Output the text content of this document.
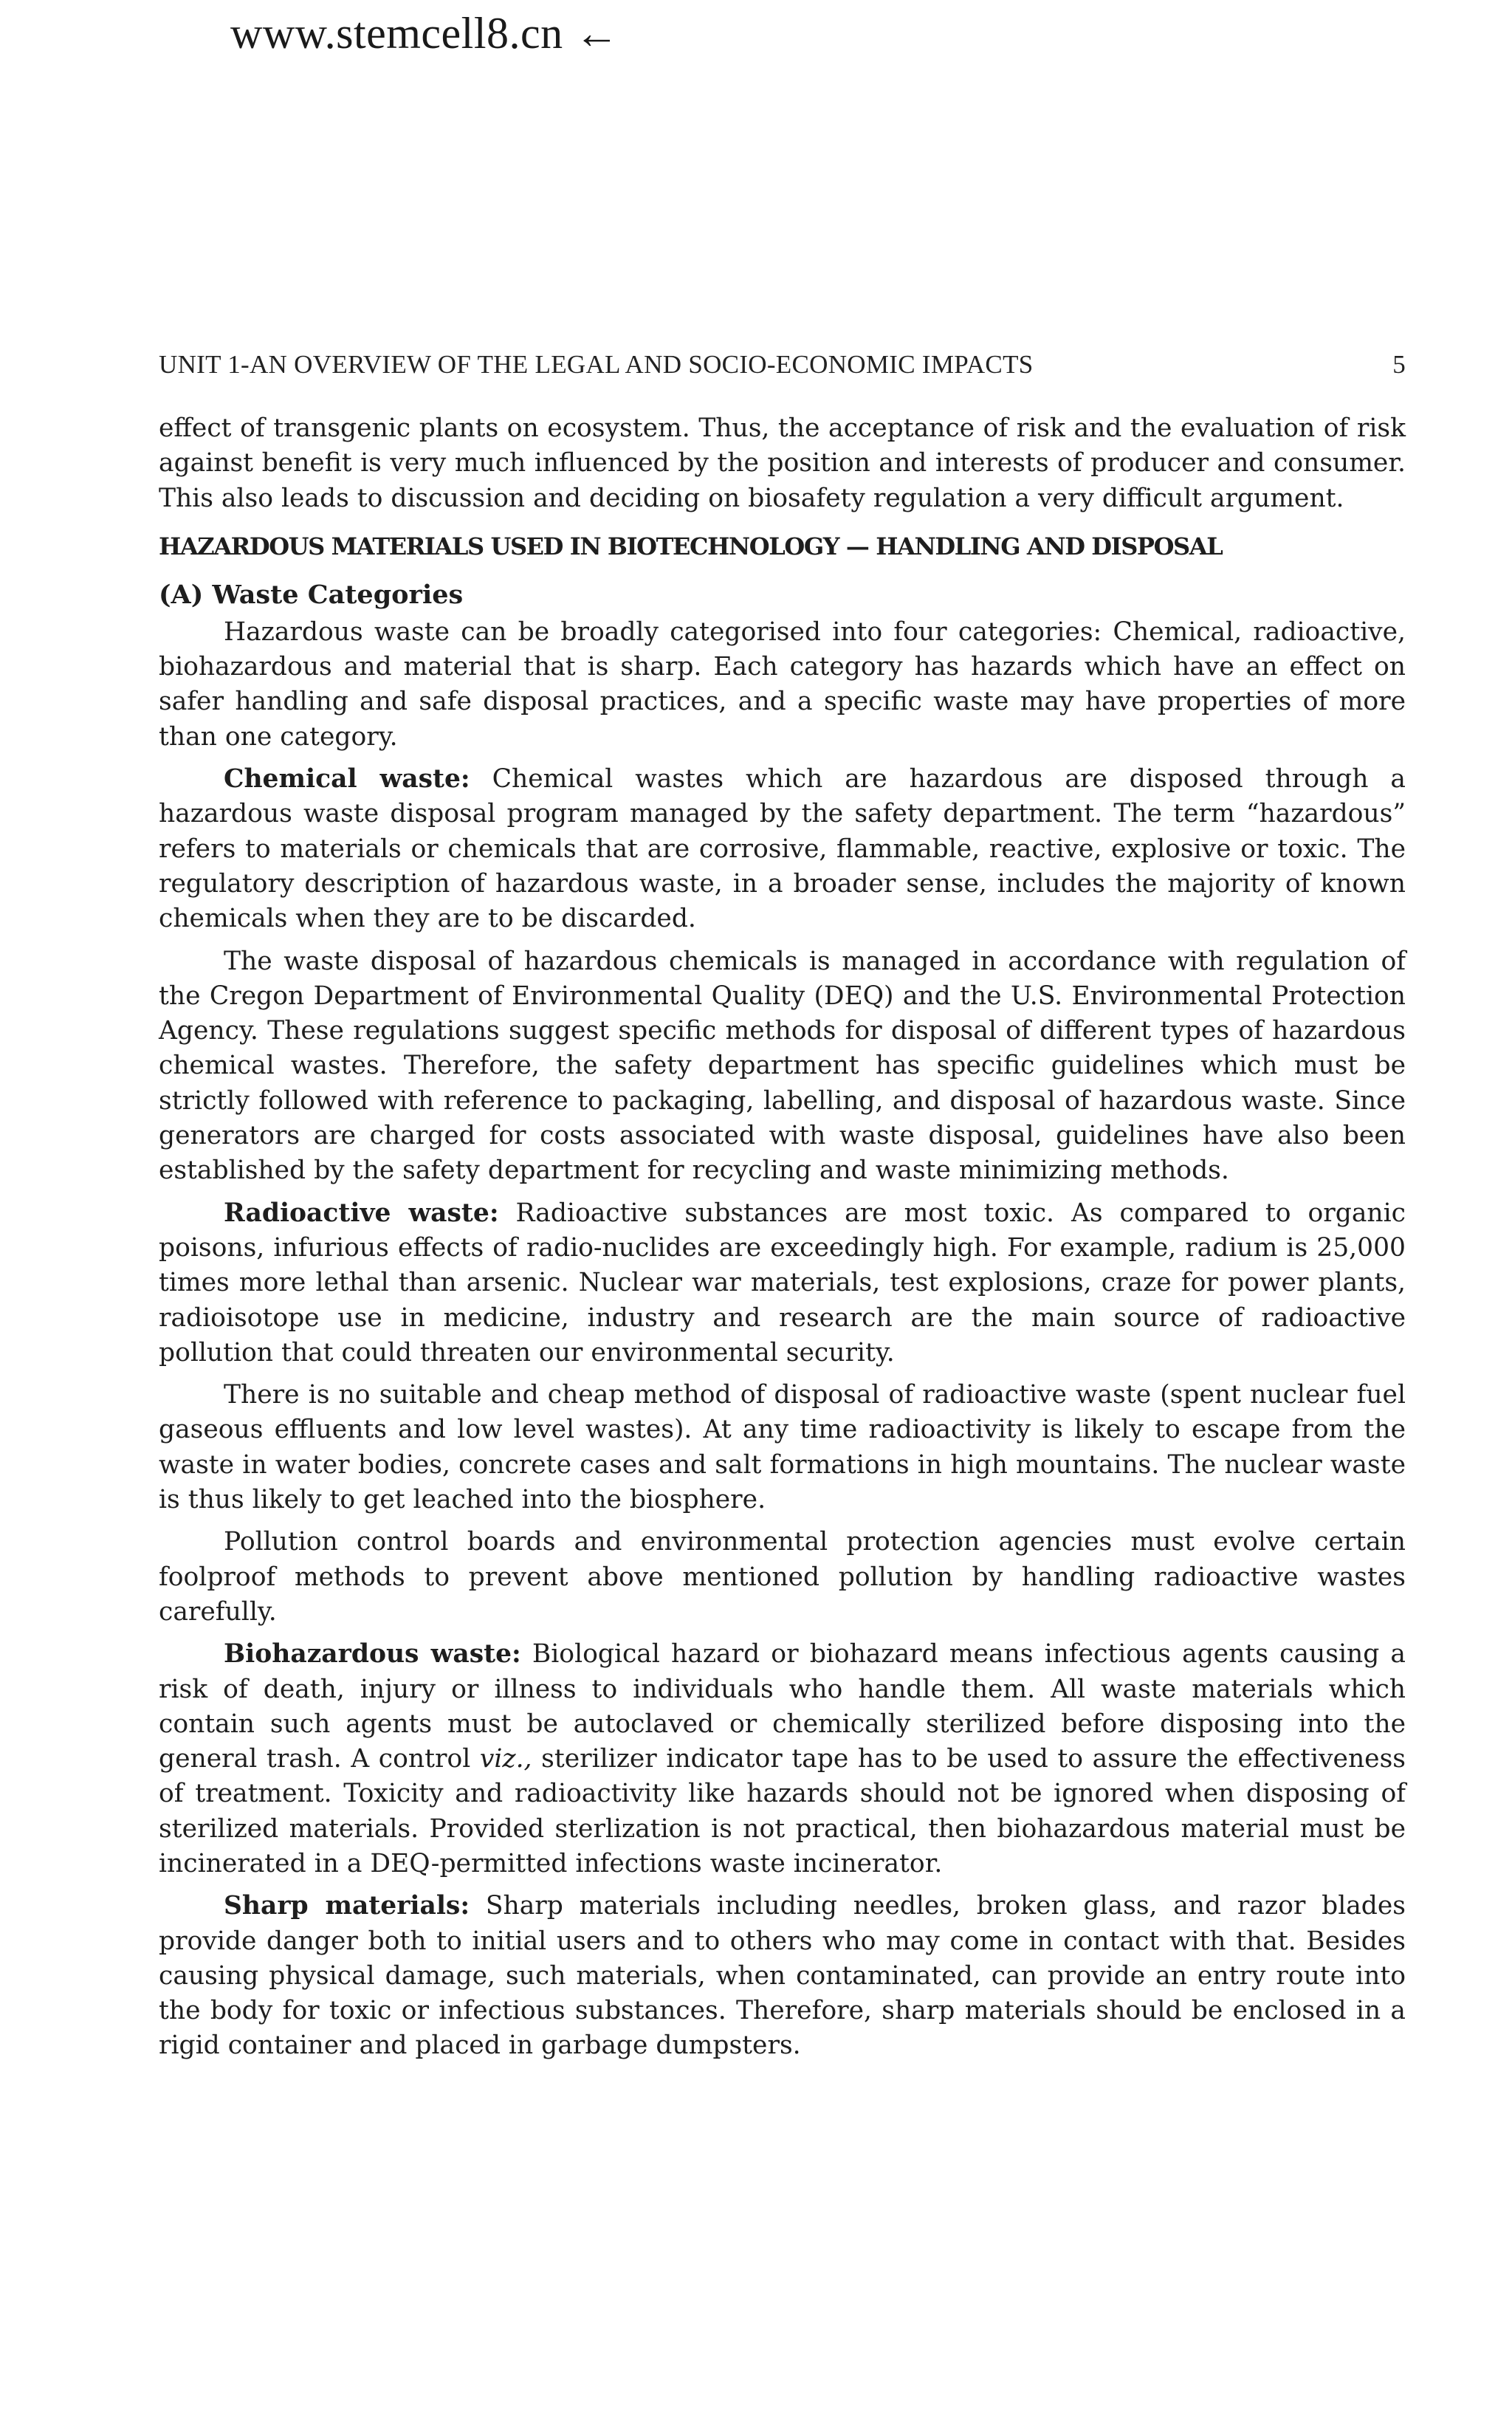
www.stemcell8.cn ←
UNIT 1-AN OVERVIEW OF THE LEGAL AND SOCIO-ECONOMIC IMPACTS	5

effect of transgenic plants on ecosystem. Thus, the acceptance of risk and the evaluation of risk against benefit is very much influenced by the position and interests of producer and consumer. This also leads to discussion and deciding on biosafety regulation a very difficult argument.

HAZARDOUS MATERIALS USED IN BIOTECHNOLOGY — HANDLING AND DISPOSAL
(A) Waste Categories

Hazardous waste can be broadly categorised into four categories: Chemical, radioactive, biohazardous and material that is sharp. Each category has hazards which have an effect on safer handling and safe disposal practices, and a specific waste may have properties of more than one category.

Chemical waste: Chemical wastes which are hazardous are disposed through a hazardous waste disposal program managed by the safety department. The term “hazardous” refers to materials or chemicals that are corrosive, flammable, reactive, explosive or toxic. The regulatory description of hazardous waste, in a broader sense, includes the majority of known chemicals when they are to be discarded.

The waste disposal of hazardous chemicals is managed in accordance with regulation of the Cregon Department of Environmental Quality (DEQ) and the U.S. Environmental Protection Agency. These regulations suggest specific methods for disposal of different types of hazardous chemical wastes. Therefore, the safety department has specific guidelines which must be strictly followed with reference to packaging, labelling, and disposal of hazardous waste. Since generators are charged for costs associated with waste disposal, guidelines have also been established by the safety department for recycling and waste minimizing methods.

Radioactive waste: Radioactive substances are most toxic. As compared to organic poisons, infurious effects of radio-nuclides are exceedingly high. For example, radium is 25,000 times more lethal than arsenic. Nuclear war materials, test explosions, craze for power plants, radioisotope use in medicine, industry and research are the main source of radioactive pollution that could threaten our environmental security.

There is no suitable and cheap method of disposal of radioactive waste (spent nuclear fuel gaseous effluents and low level wastes). At any time radioactivity is likely to escape from the waste in water bodies, concrete cases and salt formations in high mountains. The nuclear waste is thus likely to get leached into the biosphere.

Pollution control boards and environmental protection agencies must evolve certain foolproof methods to prevent above mentioned pollution by handling radioactive wastes carefully.

Biohazardous waste: Biological hazard or biohazard means infectious agents causing a risk of death, injury or illness to individuals who handle them. All waste materials which contain such agents must be autoclaved or chemically sterilized before disposing into the general trash. A control viz., sterilizer indicator tape has to be used to assure the effectiveness of treatment. Toxicity and radioactivity like hazards should not be ignored when disposing of sterilized materials. Provided sterlization is not practical, then biohazardous material must be incinerated in a DEQ-permitted infections waste incinerator.

Sharp materials: Sharp materials including needles, broken glass, and razor blades provide danger both to initial users and to others who may come in contact with that. Besides causing physical damage, such materials, when contaminated, can provide an entry route into the body for toxic or infectious substances. Therefore, sharp materials should be enclosed in a rigid container and placed in garbage dumpsters.
